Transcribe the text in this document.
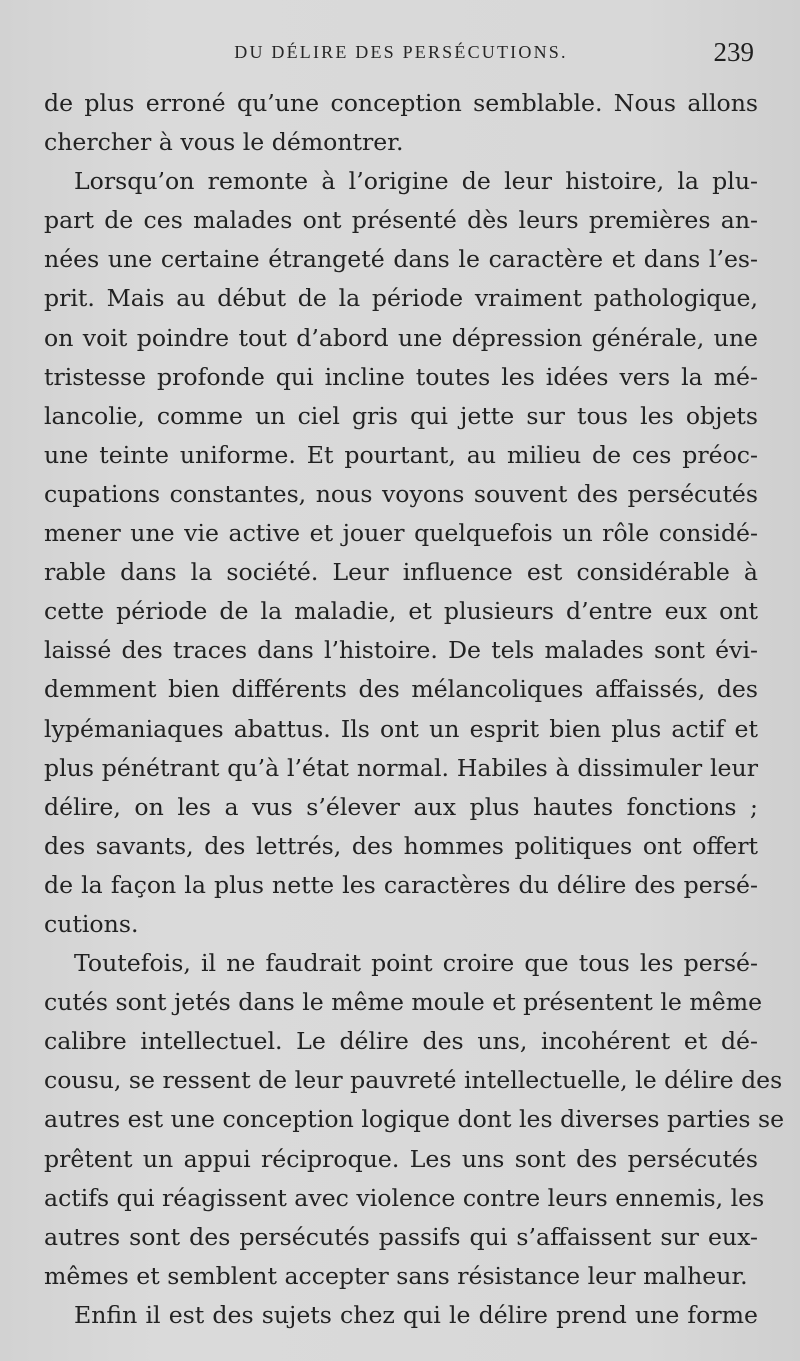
DU DÉLIRE DES PERSÉCUTIONS.	239
de plus erroné qu’une conception semblable. Nous allons
chercher à vous le démontrer.
Lorsqu’on remonte à l’origine de leur histoire, la plu-
part de ces malades ont présenté dès leurs premières an-
nées une certaine étrangeté dans le caractère et dans l’es-
prit. Mais au début de la période vraiment pathologique,
on voit poindre tout d’abord une dépression générale, une
tristesse profonde qui incline toutes les idées vers la mé-
lancolie, comme un ciel gris qui jette sur tous les objets
une teinte uniforme. Et pourtant, au milieu de ces préoc-
cupations constantes, nous voyons souvent des persécutés
mener une vie active et jouer quelquefois un rôle considé-
rable dans la société. Leur influence est considérable à
cette période de la maladie, et plusieurs d’entre eux ont
laissé des traces dans l’histoire. De tels malades sont évi-
demment bien différents des mélancoliques affaissés, des
lypémaniaques abattus. Ils ont un esprit bien plus actif et
plus pénétrant qu’à l’état normal. Habiles à dissimuler leur
délire, on les a vus s’élever aux plus hautes fonctions ;
des savants, des lettrés, des hommes politiques ont offert
de la façon la plus nette les caractères du délire des persé-
cutions.
Toutefois, il ne faudrait point croire que tous les persé-
cutés sont jetés dans le même moule et présentent le même
calibre intellectuel. Le délire des uns, incohérent et dé-
cousu, se ressent de leur pauvreté intellectuelle, le délire des
autres est une conception logique dont les diverses parties se
prêtent un appui réciproque. Les uns sont des persécutés
actifs qui réagissent avec violence contre leurs ennemis, les
autres sont des persécutés passifs qui s’affaissent sur eux-
mêmes et semblent accepter sans résistance leur malheur.
Enfin il est des sujets chez qui le délire prend une forme
